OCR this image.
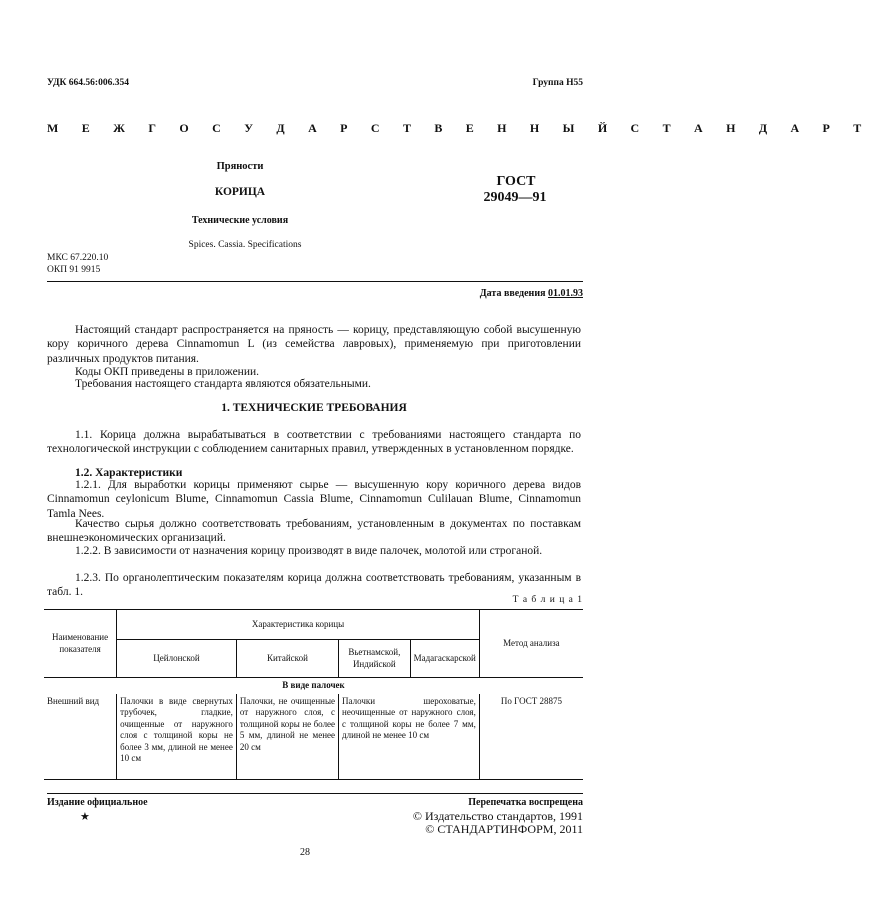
УДК 664.56:006.354	Группа Н55
М Е Ж Г О С У Д А Р С Т В Е Н Н Ы Й С Т А Н Д А Р Т
Пряности
КОРИЦА
Технические условия
Spices. Cassia. Specifications
ГОСТ
29049—91
МКС 67.220.10
ОКП 91 9915
Дата введения 01.01.93
Настоящий стандарт распространяется на пряность — корицу, представляющую собой высушенную кору коричного дерева Cinnamomun L (из семейства лавровых), применяемую при приготовлении различных продуктов питания.
Коды ОКП приведены в приложении.
Требования настоящего стандарта являются обязательными.
1. ТЕХНИЧЕСКИЕ ТРЕБОВАНИЯ
1.1. Корица должна вырабатываться в соответствии с требованиями настоящего стандарта по технологической инструкции с соблюдением санитарных правил, утвержденных в установленном порядке.
1.2. Характеристики
1.2.1. Для выработки корицы применяют сырье — высушенную кору коричного дерева видов Cinnamomun ceylonicum Blume, Cinnamomun Cassia Blume, Cinnamomun Culilauan Blume, Cinnamomun Tamla Nees.
Качество сырья должно соответствовать требованиям, установленным в документах по поставкам внешнеэкономических организаций.
1.2.2. В зависимости от назначения корицу производят в виде палочек, молотой или строганой.
1.2.3. По органолептическим показателям корица должна соответствовать требованиям, указанным в табл. 1.
Т а б л и ц а 1
Наименование показателя	Характеристика корицы				Метод анализа
	Цейлонской	Китайской	Вьетнамской, Индийской	Мадагаскарской	
В виде палочек					
Внешний вид	Палочки в виде свернутых трубочек, гладкие, очищенные от наружного слоя с толщиной коры не более 3 мм, длиной не менее 10 см	Палочки, не очищенные от наружного слоя, с толщиной коры не более 5 мм, длиной не менее 20 см	Палочки шероховатые, неочищенные от наружного слоя, с толщиной коры не более 7 мм, длиной не менее 10 см		По ГОСТ 28875
Издание официальное
★
Перепечатка воспрещена
© Издательство стандартов, 1991
© СТАНДАРТИНФОРМ, 2011
28
